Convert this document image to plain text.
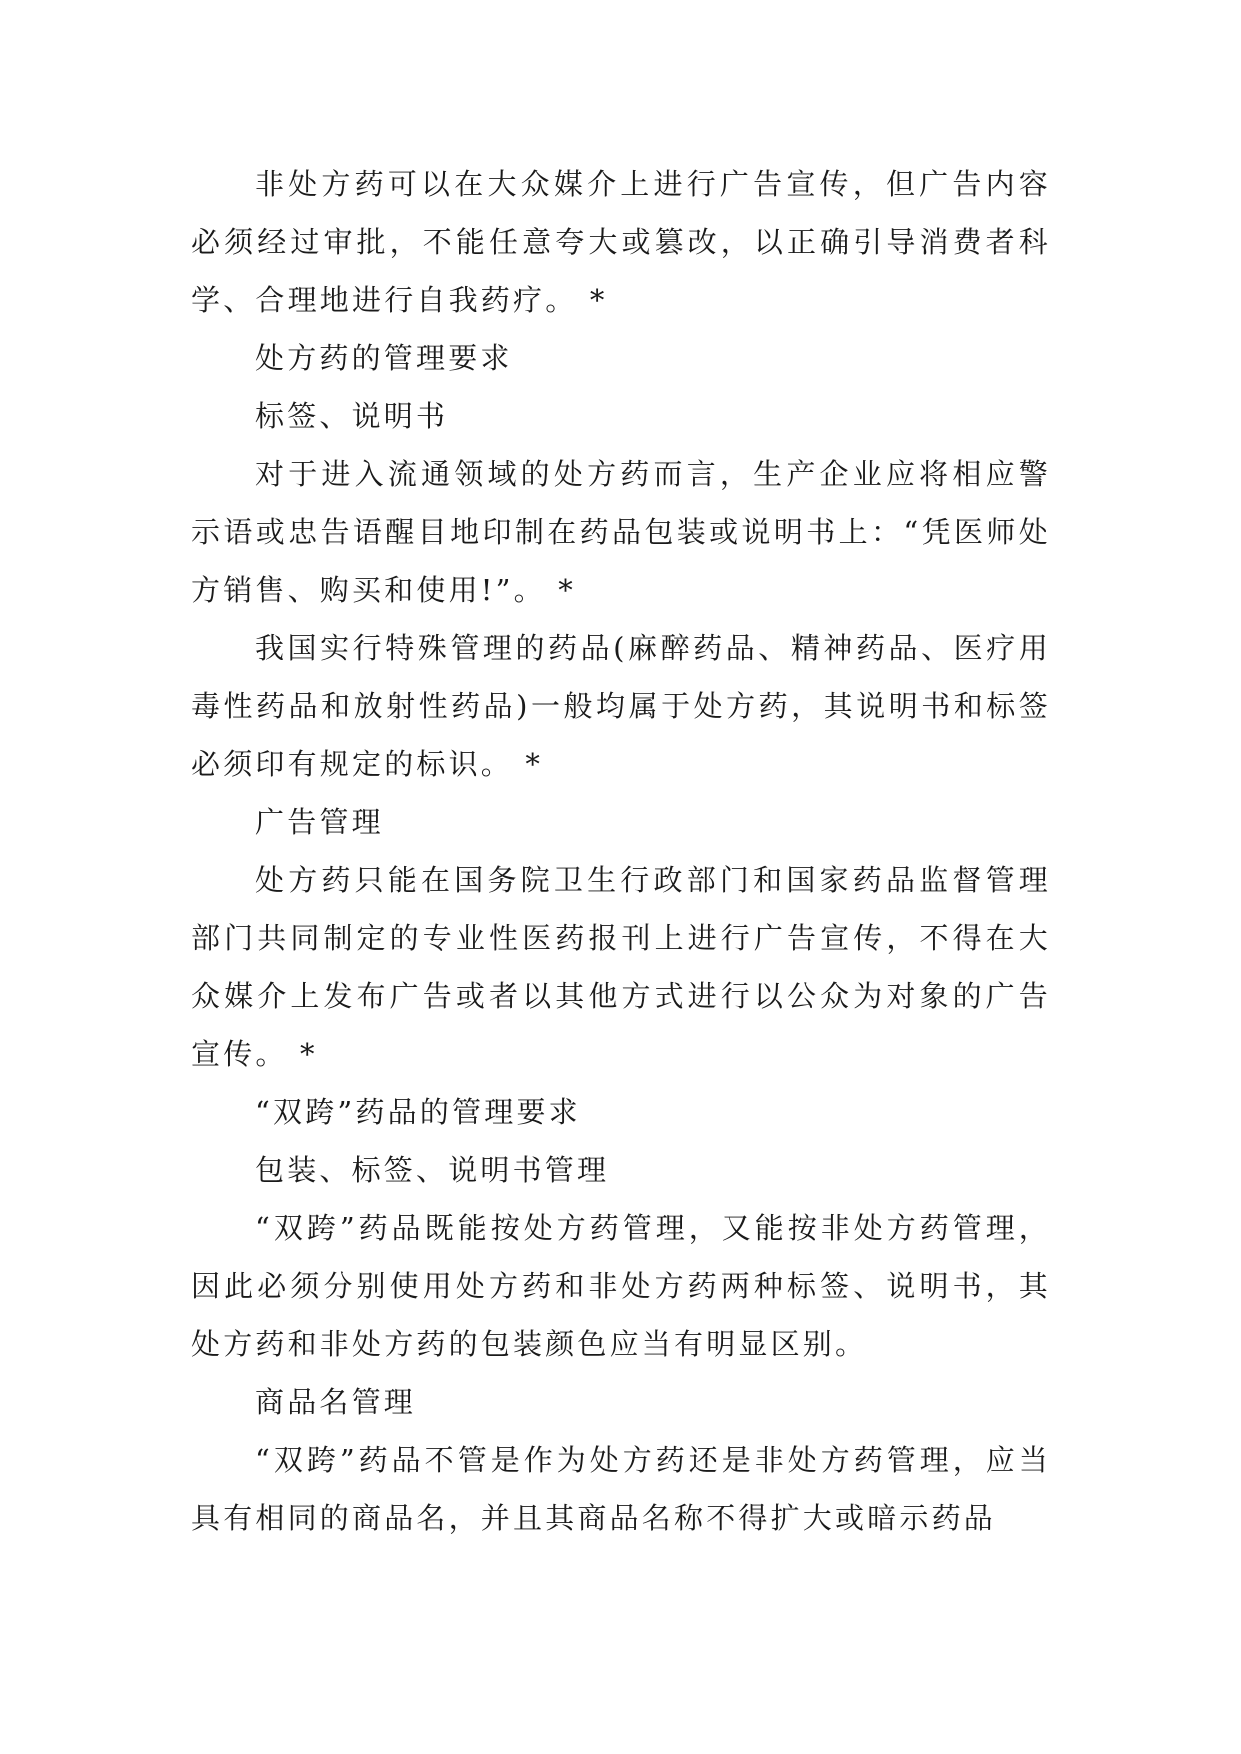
非处方药可以在大众媒介上进行广告宣传，但广告内容必须经过审批，不能任意夸大或篡改，以正确引导消费者科学、合理地进行自我药疗。 *

处方药的管理要求

标签、说明书

对于进入流通领域的处方药而言，生产企业应将相应警示语或忠告语醒目地印制在药品包装或说明书上：“凭医师处方销售、购买和使用!”。 *

我国实行特殊管理的药品(麻醉药品、精神药品、医疗用毒性药品和放射性药品)一般均属于处方药，其说明书和标签必须印有规定的标识。 *

广告管理

处方药只能在国务院卫生行政部门和国家药品监督管理部门共同制定的专业性医药报刊上进行广告宣传，不得在大众媒介上发布广告或者以其他方式进行以公众为对象的广告宣传。 *

“双跨”药品的管理要求

包装、标签、说明书管理

“双跨”药品既能按处方药管理，又能按非处方药管理，因此必须分别使用处方药和非处方药两种标签、说明书，其处方药和非处方药的包装颜色应当有明显区别。

商品名管理

“双跨”药品不管是作为处方药还是非处方药管理，应当具有相同的商品名，并且其商品名称不得扩大或暗示药品
